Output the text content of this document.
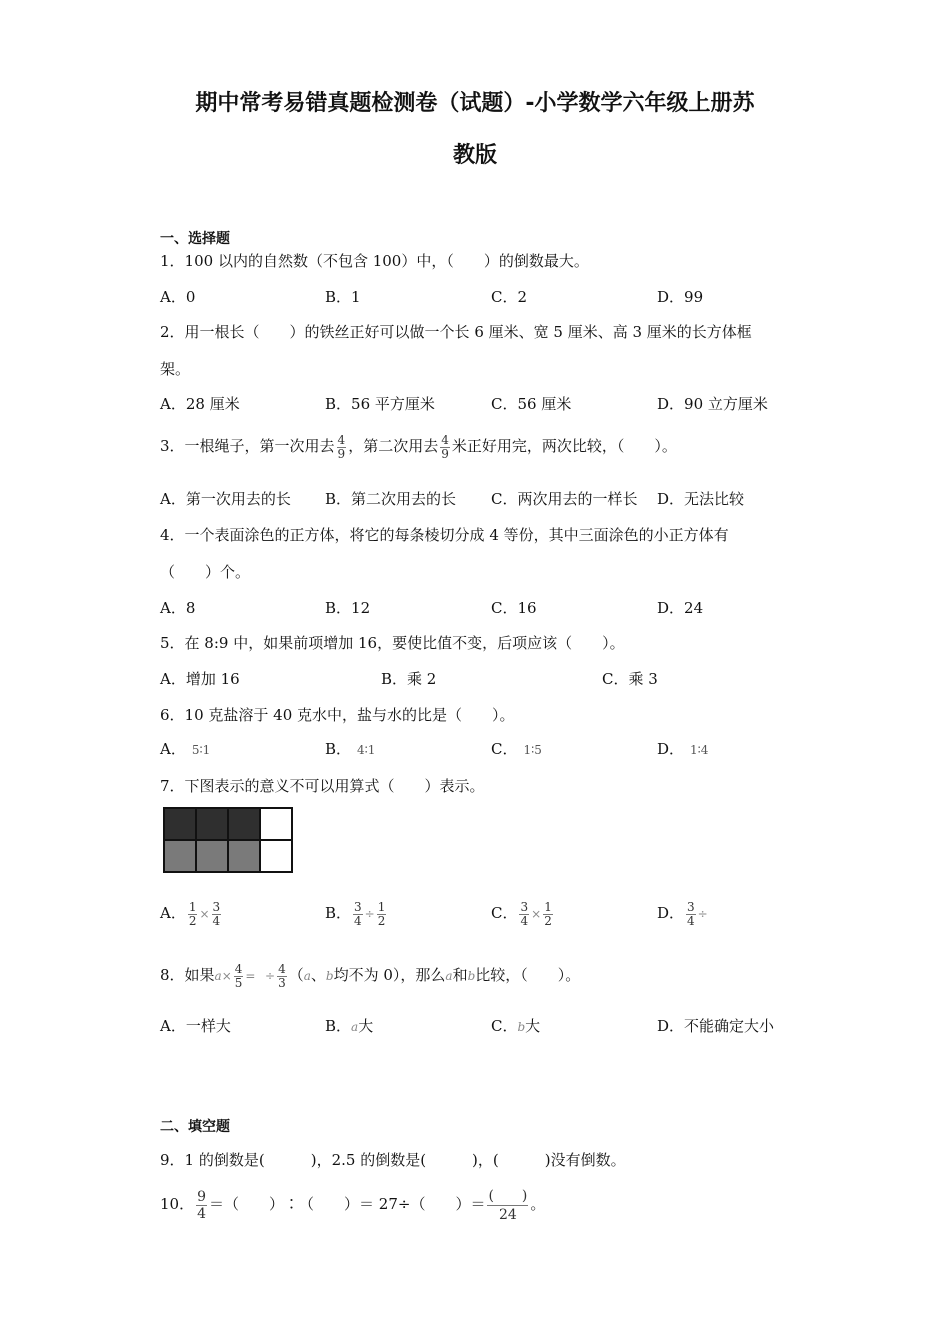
期中常考易错真题检测卷（试题）-小学数学六年级上册苏
教版
一、选择题
1．100 以内的自然数（不包含 100）中，（　　）的倒数最大。
A．0	B．1	C．2	D．99
2．用一根长（　　）的铁丝正好可以做一个长 6 厘米、宽 5 厘米、高 3 厘米的长方体框
架。
A．28 厘米	B．56 平方厘米	C．56 厘米	D．90 立方厘米
3．一根绳子，第一次用去 $\frac{4}{9}$ ，第二次用去 $\frac{4}{9}$ 米正好用完，两次比较，（　　）。
A．第一次用去的长 B．第二次用去的长 C．两次用去的一样长 D．无法比较
4．一个表面涂色的正方体，将它的每条棱切分成 4 等份，其中三面涂色的小正方体有
（　　）个。
A．8	B．12	C．16	D．24
5．在 8:9 中，如果前项增加 16，要使比值不变，后项应该（　　）。
A．增加 16	B．乘 2	C．乘 3
6．10 克盐溶于 40 克水中，盐与水的比是（　　）。
A． 5∶1	B． 4∶1	C． 1∶5	D． 1∶4
7．下图表示的意义不可以用算式（　　）表示。

A． $\frac{1}{2} \times \frac{3}{4}$	B． $\frac{3}{4} \div \frac{1}{2}$	C． $\frac{3}{4} \times \frac{1}{2}$	D． $\frac{3}{4}$ ÷
8．如果$a\times \frac{4}{5}$ = ÷ $\frac{4}{3} (a$、b均不为 0），那么a和b比较，（　　）。
A．一样大	B．a大	C．b大	D．不能确定大小
二、填空题
9．1 的倒数是(	)，2.5 的倒数是(	)，(	)没有倒数。
10． $\frac{9}{4}$ ＝（　　）∶（　　）＝ 27÷（　　）＝ $\frac{( )}{24}$ 。
